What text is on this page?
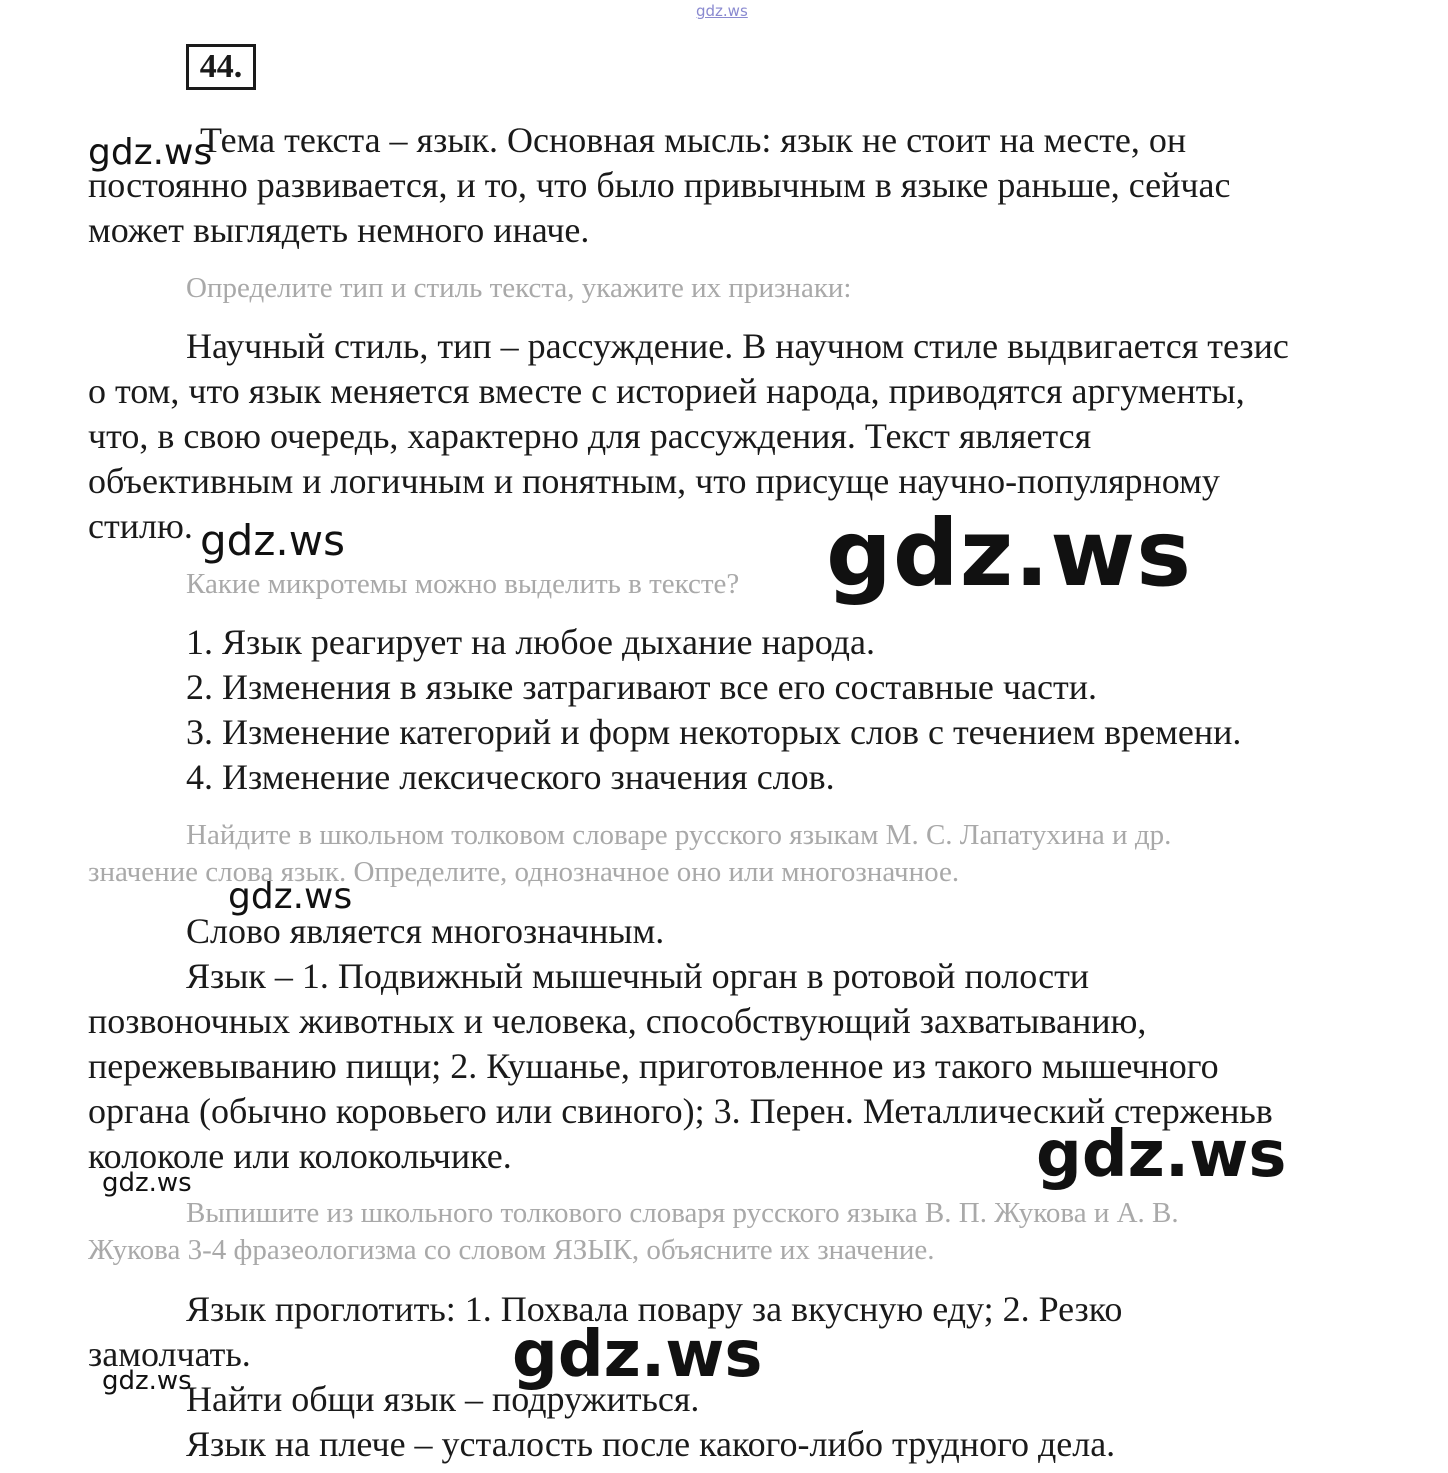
gdz.ws
44.
Тема текста – язык. Основная мысль: язык не стоит на месте, он
постоянно развивается, и то, что было привычным в языке раньше, сейчас
может выглядеть немного иначе.
Определите тип и стиль текста, укажите их признаки:
Научный стиль, тип – рассуждение. В научном стиле выдвигается тезис
о том, что язык меняется вместе с историей народа, приводятся аргументы,
что, в свою очередь, характерно для рассуждения. Текст является
объективным и логичным и понятным, что присуще научно-популярному
стилю.
Какие микротемы можно выделить в тексте?
1. Язык реагирует на любое дыхание народа.
2. Изменения в языке затрагивают все его составные части.
3. Изменение категорий и форм некоторых слов с течением времени.
4. Изменение лексического значения слов.
Найдите в школьном толковом словаре русского языкам М. С. Лапатухина и др.
значение слова язык. Определите, однозначное оно или многозначное.
Слово является многозначным.
Язык – 1. Подвижный мышечный орган в ротовой полости
позвоночных животных и человека, способствующий захватыванию,
пережевыванию пищи; 2. Кушанье, приготовленное из такого мышечного
органа (обычно коровьего или свиного); 3. Перен. Металлический стерженьв
колоколе или колокольчике.
Выпишите из школьного толкового словаря русского языка В. П. Жукова и А. В.
Жукова 3-4 фразеологизма со словом ЯЗЫК, объясните их значение.
Язык проглотить: 1. Похвала повару за вкусную еду; 2. Резко
замолчать.
Найти общи язык – подружиться.
Язык на плече – усталость после какого-либо трудного дела.
gdz.ws
gdz.ws	gdz.ws
gdz.ws
gdz.ws
gdz.ws
gdz.ws
gdz.ws
